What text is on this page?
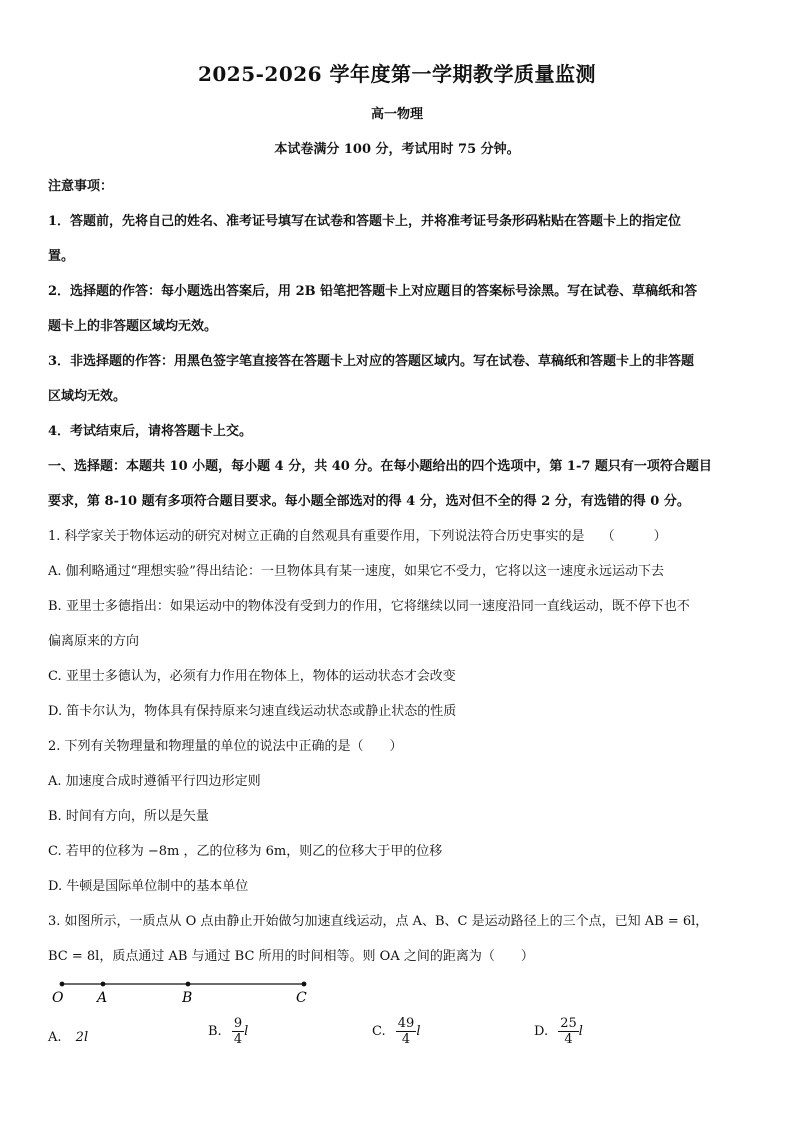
2025-2026 学年度第一学期教学质量监测
高一物理
本试卷满分 100 分，考试用时 75 分钟。
注意事项：
1．答题前，先将自己的姓名、准考证号填写在试卷和答题卡上，并将准考证号条形码粘贴在答题卡上的指定位
置。
2．选择题的作答：每小题选出答案后，用 2B 铅笔把答题卡上对应题目的答案标号涂黑。写在试卷、草稿纸和答
题卡上的非答题区域均无效。
3．非选择题的作答：用黑色签字笔直接答在答题卡上对应的答题区域内。写在试卷、草稿纸和答题卡上的非答题
区域均无效。
4．考试结束后，请将答题卡上交。
一、选择题：本题共 10 小题，每小题 4 分，共 40 分。在每小题给出的四个选项中，第 1-7 题只有一项符合题目
要求，第 8-10 题有多项符合题目要求。每小题全部选对的得 4 分，选对但不全的得 2 分，有选错的得 0 分。
1. 科学家关于物体运动的研究对树立正确的自然观具有重要作用，下列说法符合历史事实的是　 （　　　）
A. 伽利略通过“理想实验”得出结论：一旦物体具有某一速度，如果它不受力，它将以这一速度永远运动下去
B. 亚里士多德指出：如果运动中的物体没有受到力的作用，它将继续以同一速度沿同一直线运动，既不停下也不
偏离原来的方向
C. 亚里士多德认为，必须有力作用在物体上，物体的运动状态才会改变
D. 笛卡尔认为，物体具有保持原来匀速直线运动状态或静止状态的性质
2. 下列有关物理量和物理量的单位的说法中正确的是（　　）
A. 加速度合成时遵循平行四边形定则
B. 时间有方向，所以是矢量
C. 若甲的位移为 −8m ，乙的位移为 6m，则乙的位移大于甲的位移
D. 牛顿是国际单位制中的基本单位
3. 如图所示，一质点从 O 点由静止开始做匀加速直线运动，点 A、B、C 是运动路径上的三个点，已知 AB = 6l，
BC = 8l，质点通过 AB 与通过 BC 所用的时间相等。则 OA 之间的距离为（　　）
O A	B	C
A. 2l	B. $\frac{9}{4}$ l	C. $\frac{49}{4}$ l	D. $\frac{25}{4}$ l
